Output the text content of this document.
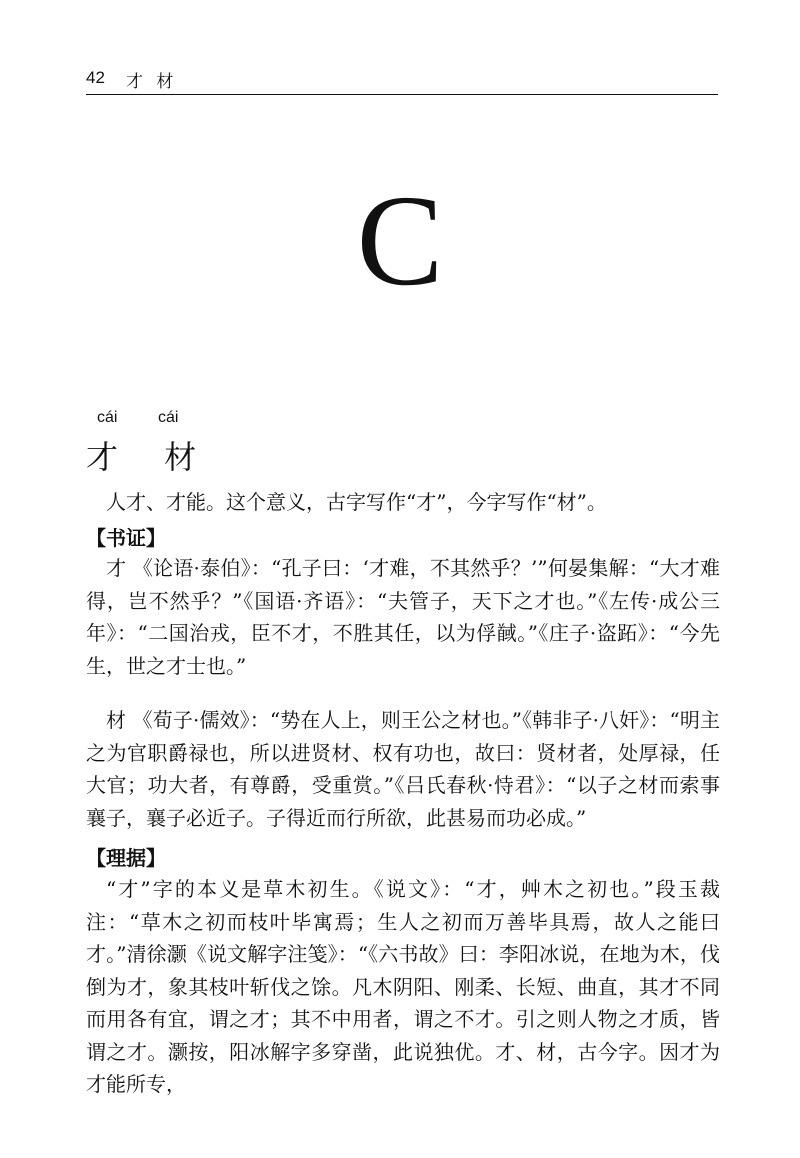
42 才 材
C
cái	cái
才 材
人才、才能。这个意义，古字写作“才”，今字写作“材”。
【书证】
才 《论语·泰伯》：“孔子曰：‘才难，不其然乎？’”何晏集解：“大才难得，岂不然乎？”《国语·齐语》：“夫管子，天下之才也。”《左传·成公三年》：“二国治戎，臣不才，不胜其任，以为俘馘。”《庄子·盗跖》：“今先生，世之才士也。”
材 《荀子·儒效》：“势在人上，则王公之材也。”《韩非子·八奸》：“明主之为官职爵禄也，所以进贤材、权有功也，故曰：贤材者，处厚禄，任大官；功大者，有尊爵，受重赏。”《吕氏春秋·恃君》：“以子之材而索事襄子，襄子必近子。子得近而行所欲，此甚易而功必成。”
【理据】
“才”字的本义是草木初生。《说文》：“才，艸木之初也。”段玉裁注：“草木之初而枝叶毕寓焉；生人之初而万善毕具焉，故人之能曰才。”清徐灏《说文解字注笺》：“《六书故》曰：李阳冰说，在地为木，伐倒为才，象其枝叶斩伐之馀。凡木阴阳、刚柔、长短、曲直，其才不同而用各有宜，谓之才；其不中用者，谓之不才。引之则人物之才质，皆谓之才。灏按，阳冰解字多穿凿，此说独优。才、材，古今字。因才为才能所专，
